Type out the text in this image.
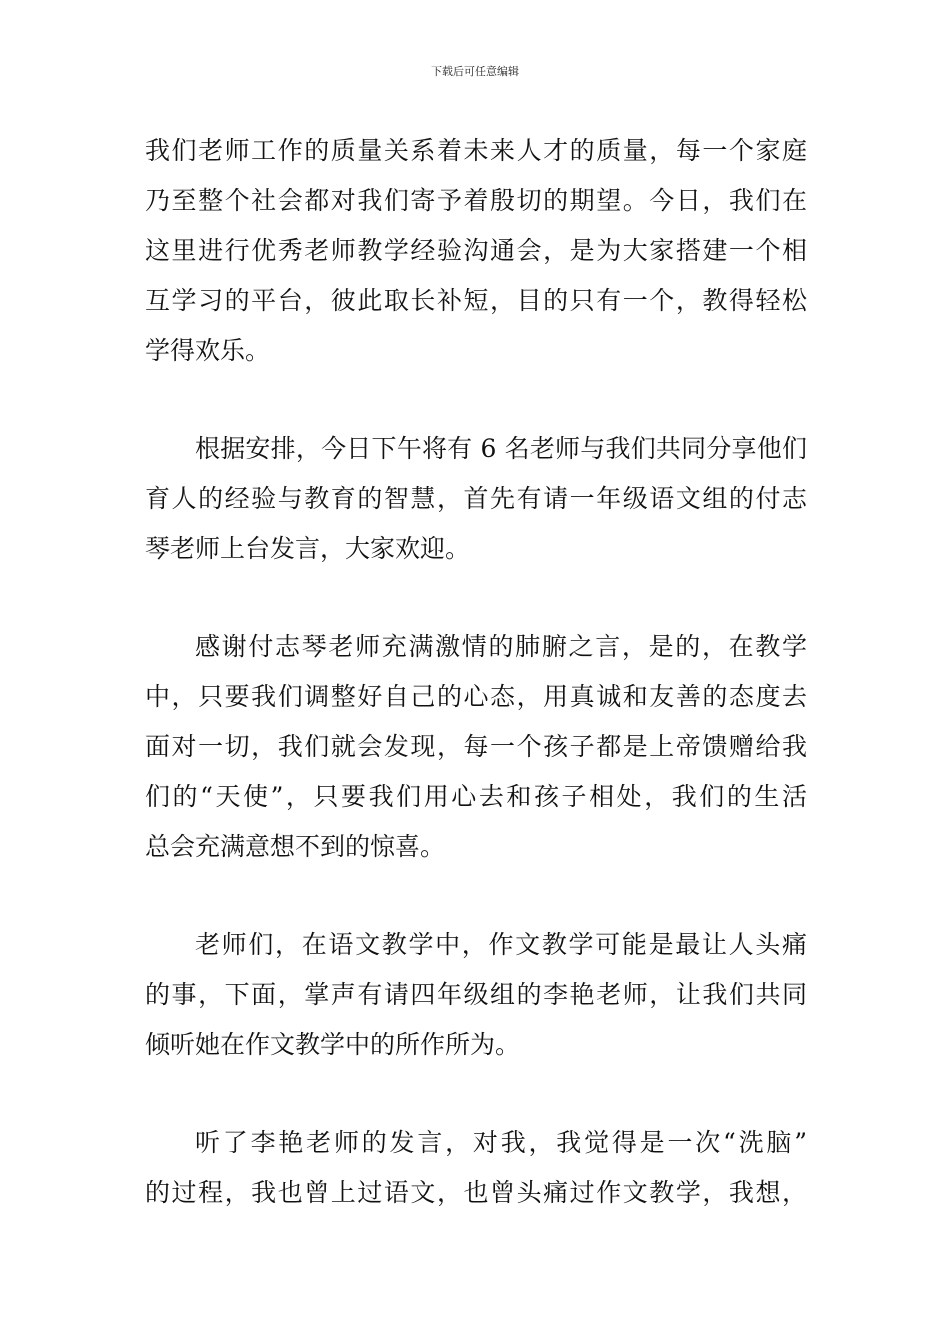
下载后可任意编辑
我们老师工作的质量关系着未来人才的质量，每一个家庭
乃至整个社会都对我们寄予着殷切的期望。今日，我们在
这里进行优秀老师教学经验沟通会，是为大家搭建一个相
互学习的平台，彼此取长补短，目的只有一个，教得轻松
学得欢乐。
根据安排，今日下午将有 6 名老师与我们共同分享他们
育人的经验与教育的智慧，首先有请一年级语文组的付志
琴老师上台发言，大家欢迎。
感谢付志琴老师充满激情的肺腑之言，是的，在教学
中，只要我们调整好自己的心态，用真诚和友善的态度去
面对一切，我们就会发现，每一个孩子都是上帝馈赠给我
们的“天使”，只要我们用心去和孩子相处，我们的生活
总会充满意想不到的惊喜。
老师们，在语文教学中，作文教学可能是最让人头痛
的事，下面，掌声有请四年级组的李艳老师，让我们共同
倾听她在作文教学中的所作所为。
听了李艳老师的发言，对我，我觉得是一次“洗脑”
的过程，我也曾上过语文，也曾头痛过作文教学，我想，
